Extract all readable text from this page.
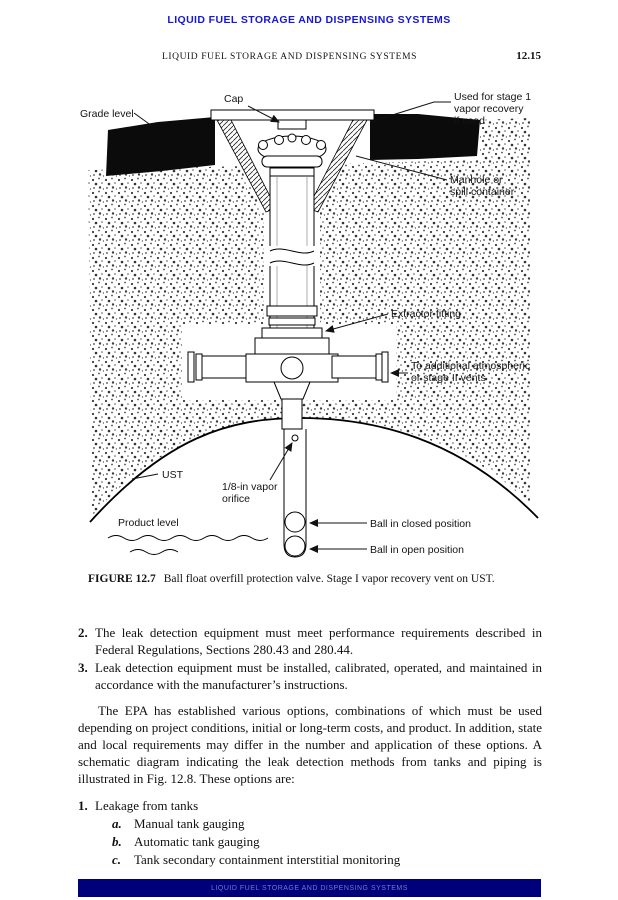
LIQUID FUEL STORAGE AND DISPENSING SYSTEMS
LIQUID FUEL STORAGE AND DISPENSING SYSTEMS	12.15
Grade level
Cap	Used for stage 1
vapor recovery
if used
Manhole or
spill container
Extractor fitting
To additional atmospheric
or stage II vents
UST
1/8-in vapor
orifice
Product level	Ball in closed position
Ball in open position
FIGURE 12.7 Ball float overfill protection valve. Stage I vapor recovery vent on UST.
2. The leak detection equipment must meet performance requirements described in Federal Regulations, Sections 280.43 and 280.44.
3. Leak detection equipment must be installed, calibrated, operated, and maintained in accordance with the manufacturer’s instructions.
The EPA has established various options, combinations of which must be used depending on project conditions, initial or long-term costs, and product. In addition, state and local requirements may differ in the number and application of these options. A schematic diagram indicating the leak detection methods from tanks and piping is illustrated in Fig. 12.8. These options are:
1. Leakage from tanks
a. Manual tank gauging
b. Automatic tank gauging
c. Tank secondary containment interstitial monitoring
LIQUID FUEL STORAGE AND DISPENSING SYSTEMS
